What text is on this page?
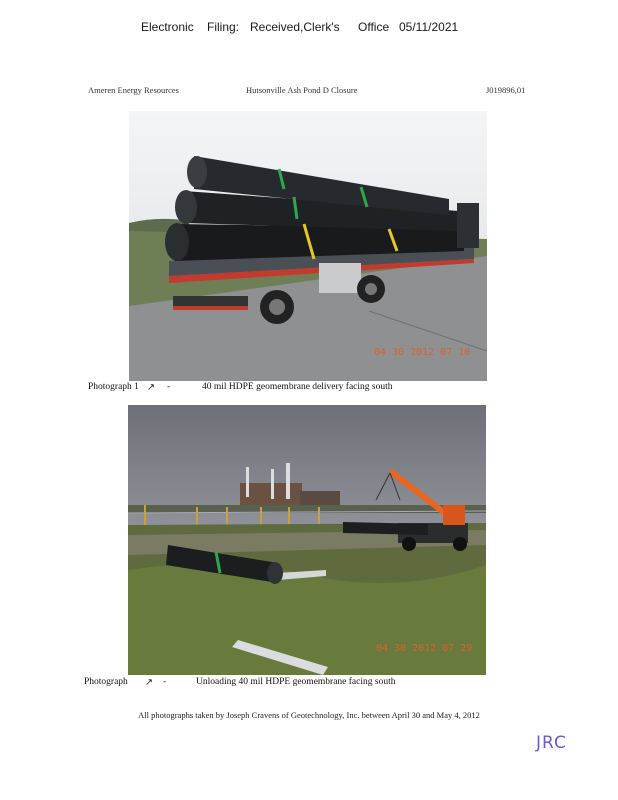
Electronic Filing: Received,Clerk's Office 05/11/2021
Ameren Energy Resources	Hutsonville Ash Pond D Closure	J019896,01
04 30 2012 07 10
Photograph 1 ↗ -	40 mil HDPE geomembrane delivery facing south
04 30 2012 07 29
Photograph ↗ -	Unloading 40 mil HDPE geomembrane facing south
All photographs taken by Joseph Cravens of Geotechnology, Inc. between April 30 and May 4, 2012
JRC
